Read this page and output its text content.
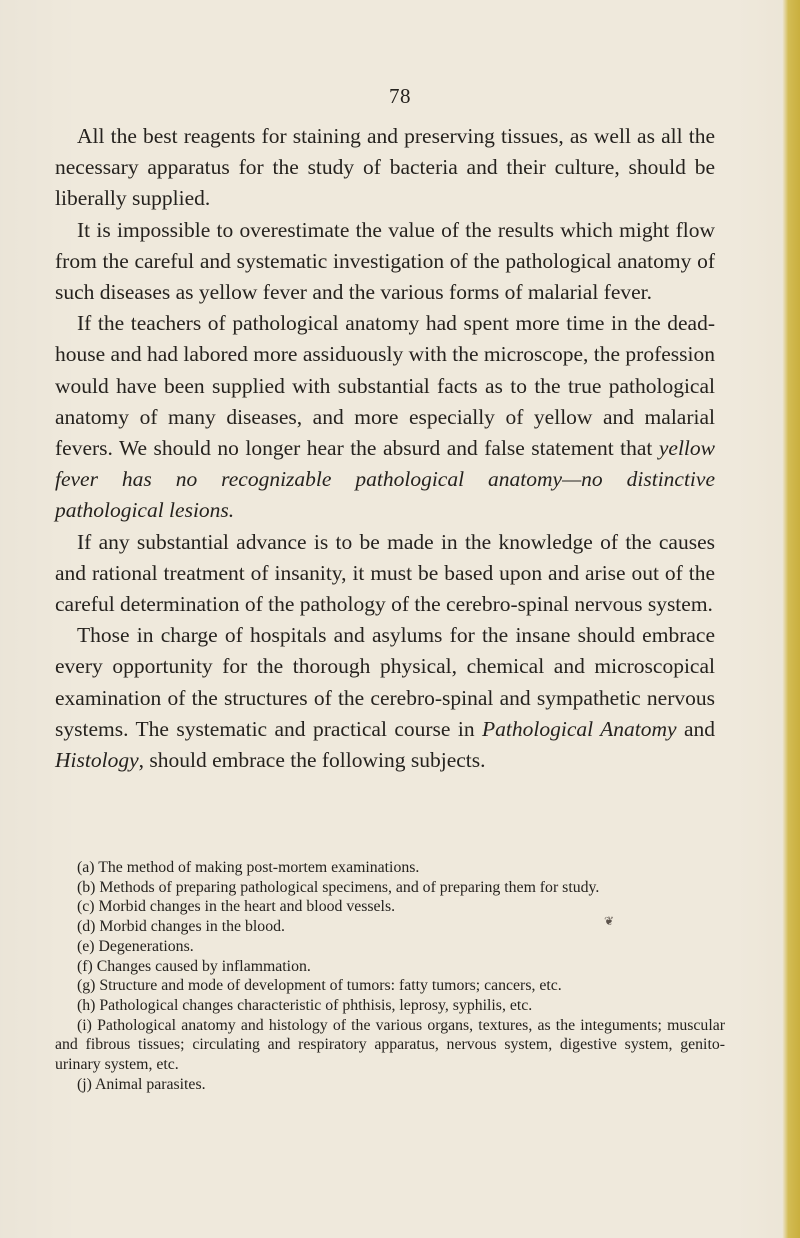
78

All the best reagents for staining and preserving tissues, as well as all the necessary apparatus for the study of bacteria and their culture, should be liberally supplied.

It is impossible to overestimate the value of the results which might flow from the careful and systematic investigation of the pathological anatomy of such diseases as yellow fever and the various forms of malarial fever.

If the teachers of pathological anatomy had spent more time in the dead-house and had labored more assiduously with the microscope, the profession would have been supplied with substantial facts as to the true pathological anatomy of many diseases, and more especially of yellow and malarial fevers. We should no longer hear the absurd and false statement that yellow fever has no recognizable pathological anatomy—no distinctive pathological lesions.

If any substantial advance is to be made in the knowledge of the causes and rational treatment of insanity, it must be based upon and arise out of the careful determination of the pathology of the cerebro-spinal nervous system.

Those in charge of hospitals and asylums for the insane should embrace every opportunity for the thorough physical, chemical and microscopical examination of the structures of the cerebro-spinal and sympathetic nervous systems. The systematic and practical course in Pathological Anatomy and Histology, should embrace the following subjects.

❦

(a) The method of making post-mortem examinations.

(b) Methods of preparing pathological specimens, and of preparing them for study.

(c) Morbid changes in the heart and blood vessels.

(d) Morbid changes in the blood.

(e) Degenerations.

(f) Changes caused by inflammation.

(g) Structure and mode of development of tumors: fatty tumors; cancers, etc.

(h) Pathological changes characteristic of phthisis, leprosy, syphilis, etc.

(i) Pathological anatomy and histology of the various organs, textures, as the integuments; muscular and fibrous tissues; circulating and respiratory apparatus, nervous system, digestive system, genito-urinary system, etc.

(j) Animal parasites.
